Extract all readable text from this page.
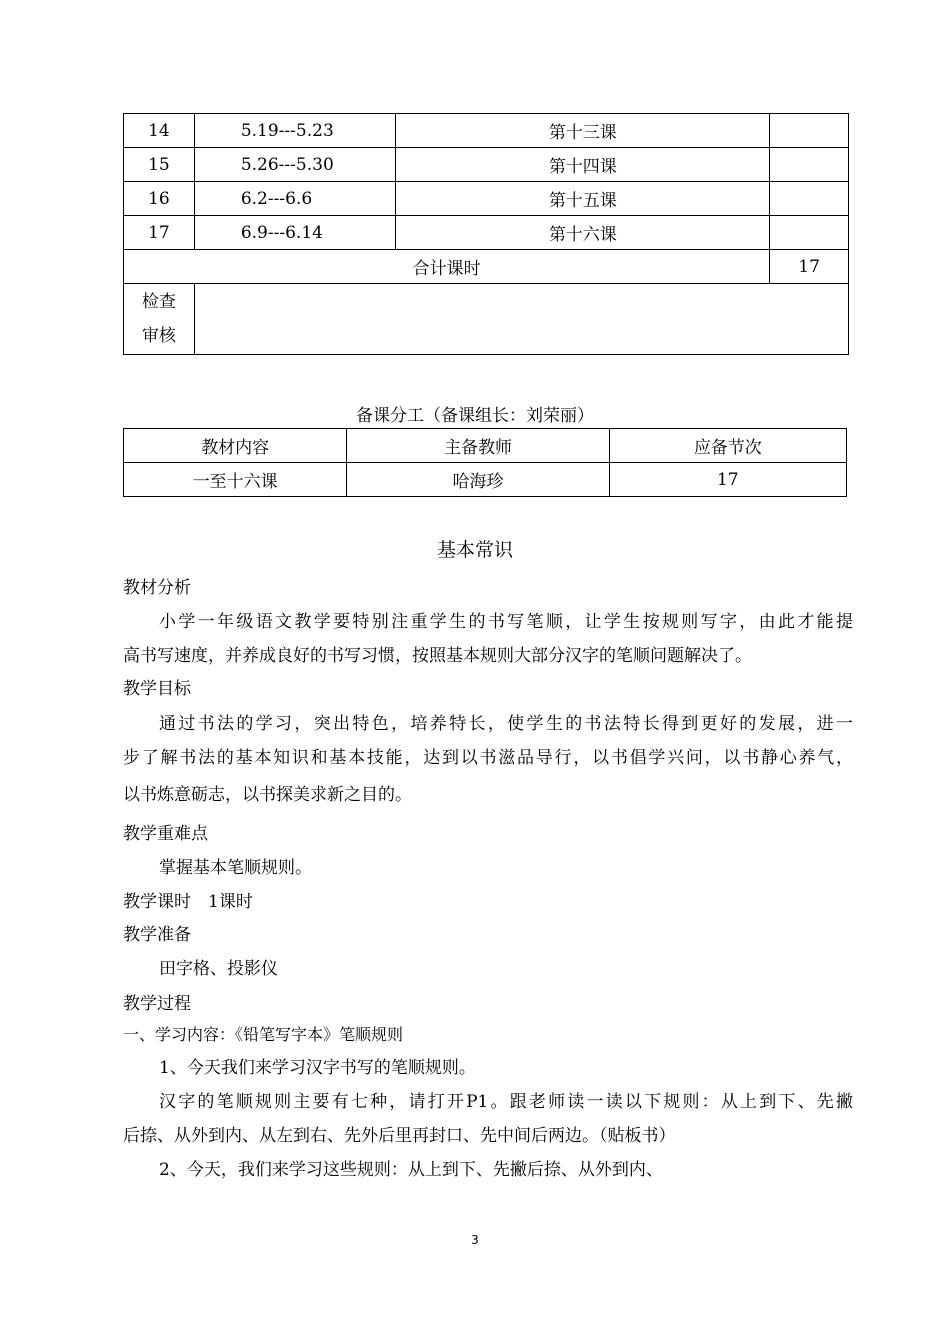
14	5.19---5.23	第十三课	
15	5.26---5.30	第十四课	
16	6.2---6.6	第十五课	
17	6.9---6.14	第十六课	
合计课时			17
检查
审核			
备课分工（备课组长：刘荣丽）
教材内容	主备教师	应备节次
一至十六课	哈海珍	17
基本常识
教材分析
小学一年级语文教学要特别注重学生的书写笔顺，让学生按规则写字，由此才能提
高书写速度，并养成良好的书写习惯，按照基本规则大部分汉字的笔顺问题解决了。
教学目标
通过书法的学习，突出特色，培养特长，使学生的书法特长得到更好的发展，进一
步了解书法的基本知识和基本技能，达到以书滋品导行，以书倡学兴问，以书静心养气，
以书炼意砺志，以书探美求新之目的。
教学重难点
掌握基本笔顺规则。
教学课时　1课时
教学准备
田字格、投影仪
教学过程
一、学习内容：《铅笔写字本》笔顺规则
1、今天我们来学习汉字书写的笔顺规则。
汉字的笔顺规则主要有七种，请打开P1。跟老师读一读以下规则：从上到下、先撇
后捺、从外到内、从左到右、先外后里再封口、先中间后两边。（贴板书）
2、今天，我们来学习这些规则：从上到下、先撇后捺、从外到内、
3
